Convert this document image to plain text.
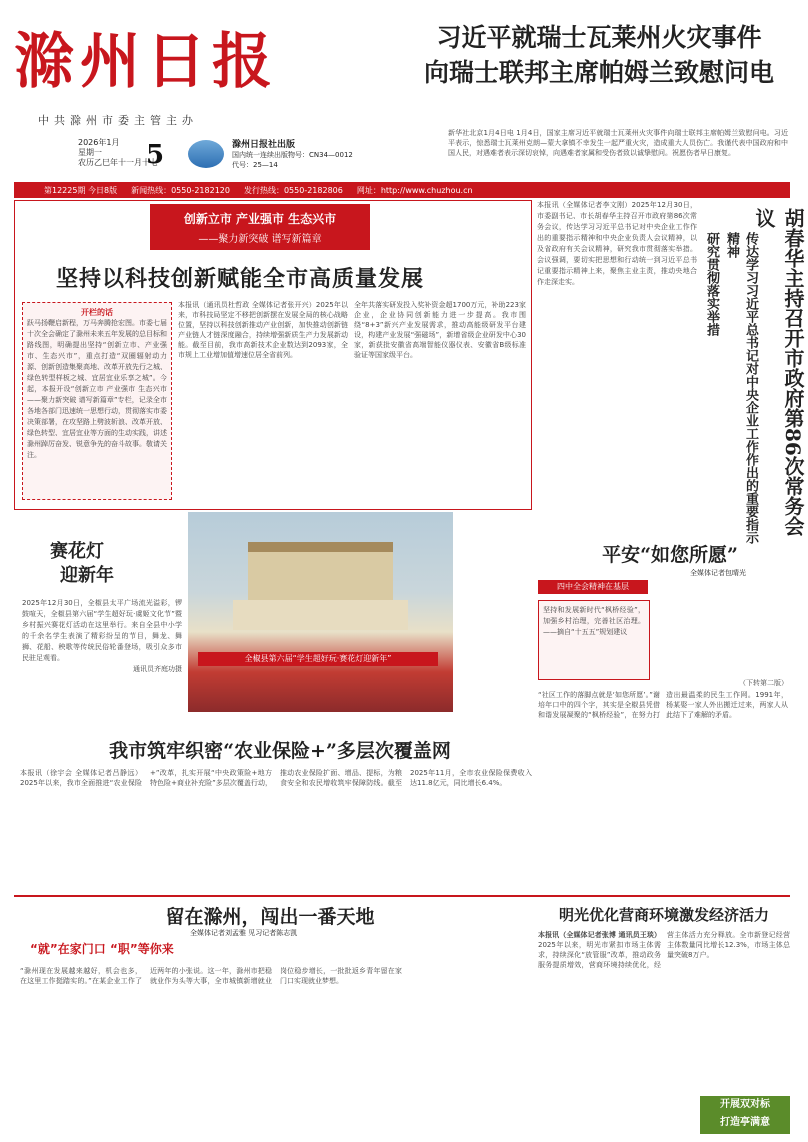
滁州日报
中共滁州市委主管主办
习近平就瑞士瓦莱州火灾事件
向瑞士联邦主席帕姆兰致慰问电
新华社北京1月4日电 1月4日，国家主席习近平就瑞士瓦莱州火灾事件向瑞士联邦主席帕姆兰致慰问电。习近平表示，惊悉瑞士瓦莱州克朗—蒙大拿镇不幸发生一起严重火灾，造成重大人员伤亡。我谨代表中国政府和中国人民，对遇难者表示深切哀悼，向遇难者家属和受伤者致以诚挚慰问。祝愿伤者早日康复。
2026年1月
星期一
农历乙巳年十一月十七
5	滁州日报社出版
国内统一连续出版物号：CN34—0012
代号：25—14
第12225期 今日8版 新闻热线：0550-2182120 发行热线：0550-2182806 网址：http://www.chuzhou.cn
创新立市 产业强市 生态兴市
——聚力新突破 谱写新篇章
坚持以科技创新赋能全市高质量发展
开栏的话
跃马扬鞭启新程，万马奔腾抢宏图。市委七届十次全会确定了滁州未来五年发展的总目标和路线图，明确提出坚持“创新立市、产业强市、生态兴市”，重点打造“双圈辐射动力源、创新创造集聚高地、改革开放先行之城、绿色转型样板之城、宜居宜业乐享之城”。今起，本报开设“创新立市 产业强市 生态兴市——聚力新突破 谱写新篇章”专栏，记录全市各地各部门迅速统一思想行动，贯彻落实市委决策部署，在攻坚路上劈波斩浪、改革开放、绿色转型、宜居宜业等方面的生动实践，讲述滁州踔厉奋发、锐意争先的奋斗故事。敬请关注。
本报讯（通讯员杜哲政 全媒体记者张开兴）2025年以来，市科技局坚定不移把创新摆在发展全局的核心战略位置，坚持以科技创新推动产业创新，加快推动创新链产业链人才链深度融合，持续增强新质生产力发展新动能。截至目前，我市高新技术企业数达到2093家，全市规上工业增加值增速位居全省前列。
全年共落实研发投入奖补资金超1700万元，补助223家企业，企业协同创新能力进一步提高。我市围绕“8+3”新兴产业发展需求，推动高能级研发平台建设，构建产业发展“强磁场”，新增省级企业研发中心30家，新获批安徽省高端智能仪器仪表、安徽省B级标准验证等国家级平台。
赛花灯
迎新年
2025年12月30日，全椒县太平广场流光溢彩，锣鼓喧天，全椒县第六届“学生超好玩·虞姬文化节”暨乡村振兴赛花灯活动在这里举行。来自全县中小学的千余名学生表演了精彩纷呈的节目，舞龙、舞狮、花船、秧歌等传统民俗轮番登场，吸引众多市民驻足观看。
通讯员齐庭功摄
全椒县第六届“学生超好玩·赛花灯迎新年”
我市筑牢织密“农业保险+”多层次覆盖网
本报讯（徐宇会 全媒体记者吕静远）2025年以来，我市全面推进“农业保险+”改革，扎实开展“中央政策险+地方特色险+商业补充险”多层次覆盖行动，推动农业保险扩面、增品、提标，为粮食安全和农民增收筑牢保障防线。截至2025年11月，全市农业保险保费收入达11.8亿元，同比增长6.4%。
本报讯（全媒体记者李文刚）2025年12月30日，市委副书记、市长胡春华主持召开市政府第86次常务会议，传达学习习近平总书记对中央企业工作作出的重要指示精神和中央企业负责人会议精神，以及省政府有关会议精神，研究我市贯彻落实举措。会议强调，要切实把思想和行动统一到习近平总书记重要指示精神上来，聚焦主业主责，推动央地合作走深走实。	胡春华主持召开市政府第86次常务会议
传达学习习近平总书记对中央企业工作作出的重要指示精神
研究贯彻落实举措
平安“如您所愿”
全媒体记者包晴光
四中全会精神在基层
坚持和发展新时代“枫桥经验”，加强乡村治理，完善社区治理。——摘自“十五五”规划建议
“社区工作的落脚点就是‘如您所愿’。”谢培年口中的四个字，其实是全椒县凭借和谐发展凝聚的“枫桥经验”，在努力打造出最温柔的民生工作网。1991年，杨某娶一家人外出搬迁过来，两家人从此结下了难解的矛盾。
（下转第二版）
留在滁州，闯出一番天地
全媒体记者刘孟雅 见习记者陈志凯
“就”在家门口 “职”等你来
“滁州现在发展越来越好，机会也多，在这里工作挺踏实的。”在某企业工作了近两年的小张说。这一年，滁州市把稳就业作为头等大事，全市城镇新增就业岗位稳步增长，一批批返乡青年留在家门口实现就业梦想。
明光优化营商环境激发经济活力
本报讯（全媒体记者张博 通讯员王琰） 2025年以来，明光市紧扣市场主体需求，持续深化“放管服”改革，推动政务服务提质增效，营商环境持续优化，经营主体活力充分释放。全市新登记经营主体数量同比增长12.3%，市场主体总量突破8万户。
开展双对标
打造亭满意
